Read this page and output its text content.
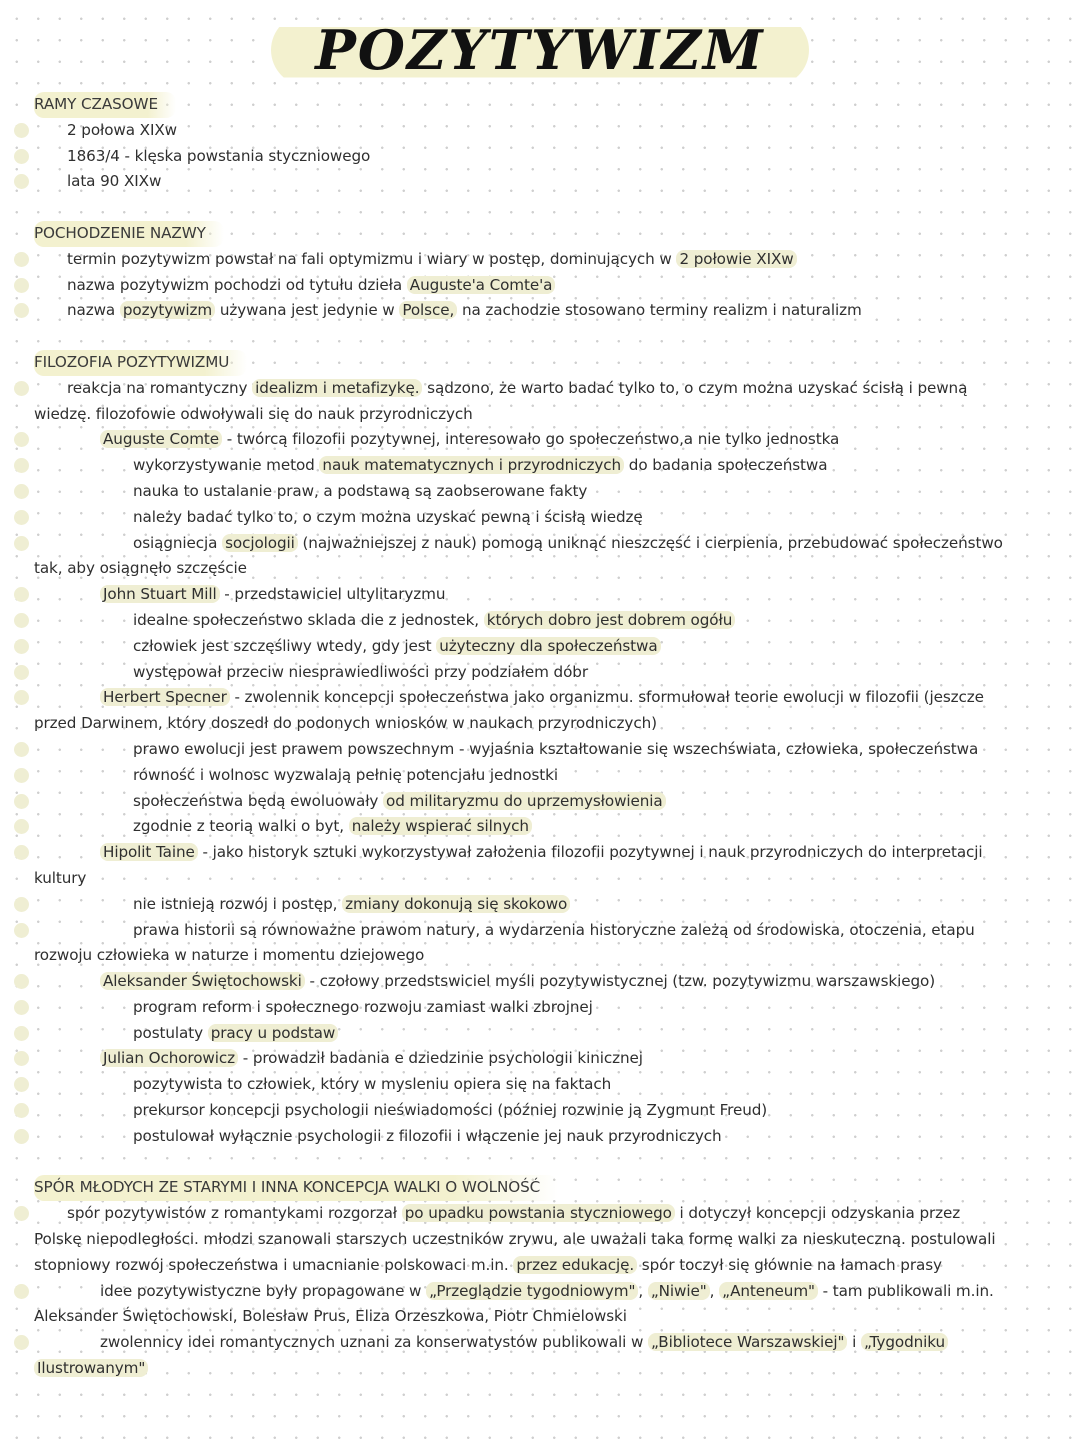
POZYTYWIZM
RAMY CZASOWE
2 połowa XIXw
1863/4 - klęska powstania styczniowego
lata 90 XIXw
POCHODZENIE NAZWY
termin pozytywizm powstał na fali optymizmu i wiary w postęp, dominujących w 2 połowie XIXw
nazwa pozytywizm pochodzi od tytułu dzieła Auguste'a Comte'a
nazwa pozytywizm używana jest jedynie w Polsce, na zachodzie stosowano terminy realizm i naturalizm
FILOZOFIA POZYTYWIZMU
reakcja na romantyczny idealizm i metafizykę. sądzono, że warto badać tylko to, o czym można uzyskać ścisłą i pewną
wiedzę. filozofowie odwoływali się do nauk przyrodniczych
Auguste Comte - twórcą filozofii pozytywnej, interesowało go społeczeństwo,a nie tylko jednostka
wykorzystywanie metod nauk matematycznych i przyrodniczych do badania społeczeństwa
nauka to ustalanie praw, a podstawą są zaobserowane fakty
należy badać tylko to, o czym można uzyskać pewną i ścisłą wiedzę
osiągniecja socjologii (najważniejszej z nauk) pomogą uniknąć nieszczęść i cierpienia, przebudować społeczeństwo
tak, aby osiągnęło szczęście
John Stuart Mill - przedstawiciel ultylitaryzmu
idealne społeczeństwo sklada die z jednostek, których dobro jest dobrem ogółu
człowiek jest szczęśliwy wtedy, gdy jest użyteczny dla społeczeństwa
występował przeciw niesprawiedliwości przy podziałem dóbr
Herbert Specner - zwolennik koncepcji społeczeństwa jako organizmu. sformułował teorie ewolucji w filozofii (jeszcze
przed Darwinem, który doszedł do podonych wniosków w naukach przyrodniczych)
prawo ewolucji jest prawem powszechnym - wyjaśnia kształtowanie się wszechświata, człowieka, społeczeństwa
równość i wolnosc wyzwalają pełnię potencjału jednostki
społeczeństwa będą ewoluowały od militaryzmu do uprzemysłowienia
zgodnie z teorią walki o byt, należy wspierać silnych
Hipolit Taine - jako historyk sztuki wykorzystywał założenia filozofii pozytywnej i nauk przyrodniczych do interpretacji
kultury
nie istnieją rozwój i postęp, zmiany dokonują się skokowo
prawa historii są równoważne prawom natury, a wydarzenia historyczne zależą od środowiska, otoczenia, etapu
rozwoju człowieka w naturze i momentu dziejowego
Aleksander Świętochowski - czołowy przedstswiciel myśli pozytywistycznej (tzw. pozytywizmu warszawskiego)
program reform i społecznego rozwoju zamiast walki zbrojnej
postulaty pracy u podstaw
Julian Ochorowicz - prowadził badania e dziedzinie psychologii kinicznej
pozytywista to człowiek, który w mysleniu opiera się na faktach
prekursor koncepcji psychologii nieświadomości (później rozwinie ją Zygmunt Freud)
postulował wyłącznie psychologii z filozofii i włączenie jej nauk przyrodniczych
SPÓR MŁODYCH ZE STARYMI I INNA KONCEPCJA WALKI O WOLNOŚĆ
spór pozytywistów z romantykami rozgorzał po upadku powstania styczniowego i dotyczył koncepcji odzyskania przez
Polskę niepodległości. młodzi szanowali starszych uczestników zrywu, ale uważali taka formę walki za nieskuteczną. postulowali
stopniowy rozwój społeczeństwa i umacnianie polskowaci m.in. przez edukację. spór toczył się głównie na łamach prasy
idee pozytywistyczne były propagowane w „Przeglądzie tygodniowym" , „Niwie" , „Anteneum" - tam publikowali m.in.
Aleksander Świętochowski, Bolesław Prus, Eliza Orzeszkowa, Piotr Chmielowski
zwolennicy idei romantycznych uznani za konserwatystów publikowali w „Bibliotece Warszawskiej" i „Tygodniku
Ilustrowanym"
